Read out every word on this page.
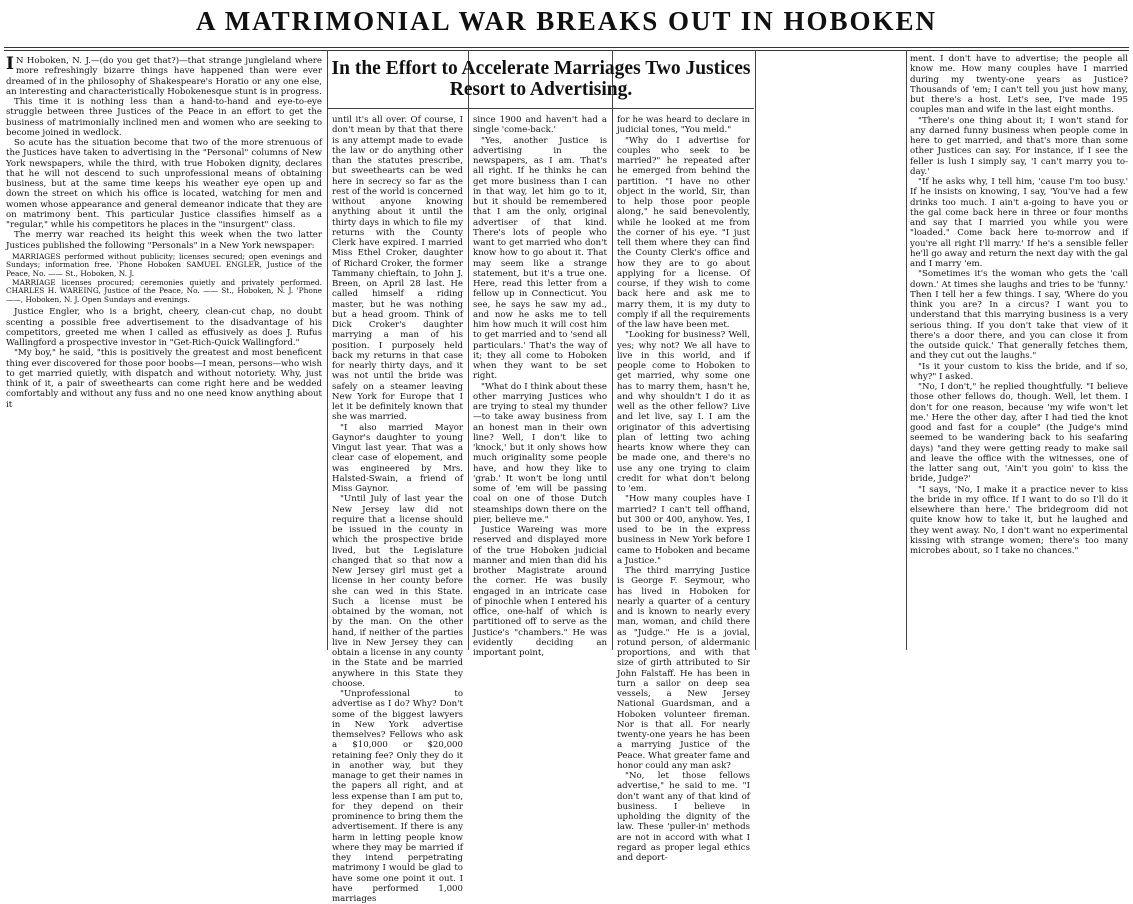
A MATRIMONIAL WAR BREAKS OUT IN HOBOKEN

I N Hoboken, N. J.—(do you get that?)—that strange jungleland where more refreshingly bizarre things have happened than were ever dreamed of in the philosophy of Shakespeare's Horatio or any one else, an interesting and characteristically Hobokenesque stunt is in progress.

This time it is nothing less than a hand-to-hand and eye-to-eye struggle between three Justices of the Peace in an effort to get the business of matrimonially inclined men and women who are seeking to become joined in wedlock.

So acute has the situation become that two of the more strenuous of the Justices have taken to advertising in the "Personal" columns of New York newspapers, while the third, with true Hoboken dignity, declares that he will not descend to such unprofessional means of obtaining business, but at the same time keeps his weather eye open up and down the street on which his office is located, watching for men and women whose appearance and general demeanor indicate that they are on matrimony bent. This particular Justice classifies himself as a "regular," while his competitors he places in the "insurgent" class.

The merry war reached its height this week when the two latter Justices published the following "Personals" in a New York newspaper:

MARRIAGES performed without publicity; licenses secured; open evenings and Sundays; information free. 'Phone Hoboken SAMUEL ENGLER, Justice of the Peace, No. —— St., Hoboken, N. J.

MARRIAGE licenses procured; ceremonies quietly and privately performed. CHARLES H. WAREING, Justice of the Peace, No. —— St., Hoboken, N. J. 'Phone ——, Hoboken, N. J. Open Sundays and evenings.

Justice Engler, who is a bright, cheery, clean-cut chap, no doubt scenting a possible free advertisement to the disadvantage of his competitors, greeted me when I called as effusively as does J. Rufus Wallingford a prospective investor in "Get-Rich-Quick Wallingford."

"My boy," he said, "this is positively the greatest and most beneficent thing ever discovered for those poor boobs—I mean, persons—who wish to get married quietly, with dispatch and without notoriety. Why, just think of it, a pair of sweethearts can come right here and be wedded comfortably and without any fuss and no one need know anything about it

In the Effort to Accelerate Marriages Two Justices Resort to Advertising.

until it's all over. Of course, I don't mean by that that there is any attempt made to evade the law or do anything other than the statutes prescribe, but sweethearts can be wed here in secrecy so far as the rest of the world is concerned without anyone knowing anything about it until the thirty days in which to file my returns with the County Clerk have expired. I married Miss Ethel Croker, daughter of Richard Croker, the former Tammany chieftain, to John J. Breen, on April 28 last. He called himself a riding master, but he was nothing but a head groom. Think of Dick Croker's daughter marrying a man of his position. I purposely held back my returns in that case for nearly thirty days, and it was not until the bride was safely on a steamer leaving New York for Europe that I let it be definitely known that she was married.

"I also married Mayor Gaynor's daughter to young Vingut last year. That was a clear case of elopement, and was engineered by Mrs. Halsted-Swain, a friend of Miss Gaynor.

"Until July of last year the New Jersey law did not require that a license should be issued in the county in which the prospective bride lived, but the Legislature changed that so that now a New Jersey girl must get a license in her county before she can wed in this State. Such a license must be obtained by the woman, not by the man. On the other hand, if neither of the parties live in New Jersey they can obtain a license in any county in the State and be married anywhere in this State they choose.

"Unprofessional to advertise as I do? Why? Don't some of the biggest lawyers in New York advertise themselves? Fellows who ask a $10,000 or $20,000 retaining fee? Only they do it in another way, but they manage to get their names in the papers all right, and at less expense than I am put to, for they depend on their prominence to bring them the advertisement. If there is any harm in letting people know where they may be married if they intend perpetrating matrimony I would be glad to have some one point it out. I have performed 1,000 marriages

since 1900 and haven't had a single 'come-back.'

"Yes, another Justice is advertising in the newspapers, as I am. That's all right. If he thinks he can get more business than I can in that way, let him go to it, but it should be remembered that I am the only, original advertiser of that kind. There's lots of people who want to get married who don't know how to go about it. That may seem like a strange statement, but it's a true one. Here, read this letter from a fellow up in Connecticut. You see, he says he saw my ad., and now he asks me to tell him how much it will cost him to get married and to 'send all particulars.' That's the way of it; they all come to Hoboken when they want to be set right.

"What do I think about these other marrying Justices who are trying to steal my thunder—to take away business from an honest man in their own line? Well, I don't like to 'knock,' but it only shows how much originality some people have, and how they like to 'grab.' It won't be long until some of 'em will be passing coal on one of those Dutch steamships down there on the pier, believe me."

Justice Wareing was more reserved and displayed more of the true Hoboken judicial manner and mien than did his brother Magistrate around the corner. He was busily engaged in an intricate case of pinochle when I entered his office, one-half of which is partitioned off to serve as the Justice's "chambers." He was evidently deciding an important point,

for he was heard to declare in judicial tones, "You meld."

"Why do I advertise for couples who seek to be married?" he repeated after he emerged from behind the partition. "I have no other object in the world, Sir, than to help those poor people along," he said benevolently, while he looked at me from the corner of his eye. "I just tell them where they can find the County Clerk's office and how they are to go about applying for a license. Of course, if they wish to come back here and ask me to marry them, it is my duty to comply if all the requirements of the law have been met.

"Looking for business? Well, yes; why not? We all have to live in this world, and if people come to Hoboken to get married, why some one has to marry them, hasn't he, and why shouldn't I do it as well as the other fellow? Live and let live, say I. I am the originator of this advertising plan of letting two aching hearts know where they can be made one, and there's no use any one trying to claim credit for what don't belong to 'em.

"How many couples have I married? I can't tell offhand, but 300 or 400, anyhow. Yes, I used to be in the express business in New York before I came to Hoboken and became a Justice."

The third marrying Justice is George F. Seymour, who has lived in Hoboken for nearly a quarter of a century and is known to nearly every man, woman, and child there as "Judge." He is a jovial, rotund person, of aldermanic proportions, and with that size of girth attributed to Sir John Falstaff. He has been in turn a sailor on deep sea vessels, a New Jersey National Guardsman, and a Hoboken volunteer fireman. Nor is that all. For nearly twenty-one years he has been a marrying Justice of the Peace. What greater fame and honor could any man ask?

"No, let those fellows advertise," he said to me. "I don't want any of that kind of business. I believe in upholding the dignity of the law. These 'puller-in' methods are not in accord with what I regard as proper legal ethics and deport-

ment. I don't have to advertise; the people all know me. How many couples have I married during my twenty-one years as Justice? Thousands of 'em; I can't tell you just how many, but there's a host. Let's see, I've made 195 couples man and wife in the last eight months.

"There's one thing about it; I won't stand for any darned funny business when people come in here to get married, and that's more than some other Justices can say. For instance, if I see the feller is lush I simply say, 'I can't marry you to-day.'

"If he asks why, I tell him, 'cause I'm too busy.' If he insists on knowing, I say, 'You've had a few drinks too much. I ain't a-going to have you or the gal come back here in three or four months and say that I married you while you were "loaded." Come back here to-morrow and if you're all right I'll marry.' If he's a sensible feller he'll go away and return the next day with the gal and I marry 'em.

"Sometimes it's the woman who gets the 'call down.' At times she laughs and tries to be 'funny.' Then I tell her a few things. I say, 'Where do you think you are? In a circus? I want you to understand that this marrying business is a very serious thing. If you don't take that view of it there's a door there, and you can close it from the outside quick.' That generally fetches them, and they cut out the laughs."

"Is it your custom to kiss the bride, and if so, why?" I asked.

"No, I don't," he replied thoughtfully. "I believe those other fellows do, though. Well, let them. I don't for one reason, because 'my wife won't let me.' Here the other day, after I had tied the knot good and fast for a couple" (the Judge's mind seemed to be wandering back to his seafaring days) "and they were getting ready to make sail and leave the office with the witnesses, one of the latter sang out, 'Ain't you goin' to kiss the bride, Judge?'

"I says, 'No, I make it a practice never to kiss the bride in my office. If I want to do so I'll do it elsewhere than here.' The bridegroom did not quite know how to take it, but he laughed and they went away. No, I don't want no experimental kissing with strange women; there's too many microbes about, so I take no chances."
